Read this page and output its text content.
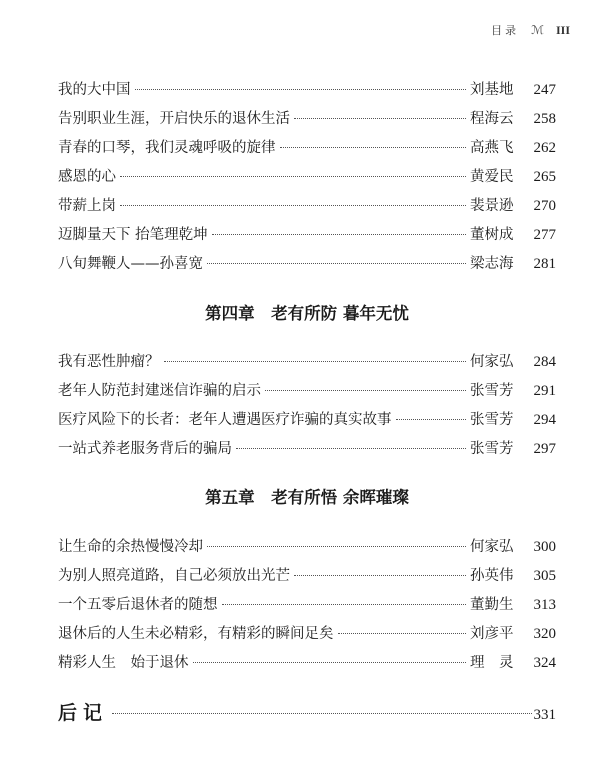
目录 ℳ III
我的大中国	刘基地	247
告别职业生涯，开启快乐的退休生活	程海云	258
青春的口琴，我们灵魂呼吸的旋律	高燕飞	262
感恩的心	黄爱民	265
带薪上岗	裴景逊	270
迈脚量天下 抬笔理乾坤	董树成	277
八旬舞鞭人——孙喜宽	梁志海	281
第四章　老有所防 暮年无忧
我有恶性肿瘤？	何家弘	284
老年人防范封建迷信诈骗的启示	张雪芳	291
医疗风险下的长者：老年人遭遇医疗诈骗的真实故事	张雪芳	294
一站式养老服务背后的骗局	张雪芳	297
第五章　老有所悟 余晖璀璨
让生命的余热慢慢冷却	何家弘	300
为别人照亮道路，自己必须放出光芒	孙英伟	305
一个五零后退休者的随想	董勤生	313
退休后的人生未必精彩，有精彩的瞬间足矣	刘彦平	320
精彩人生　始于退休	理　灵	324
后记	331
